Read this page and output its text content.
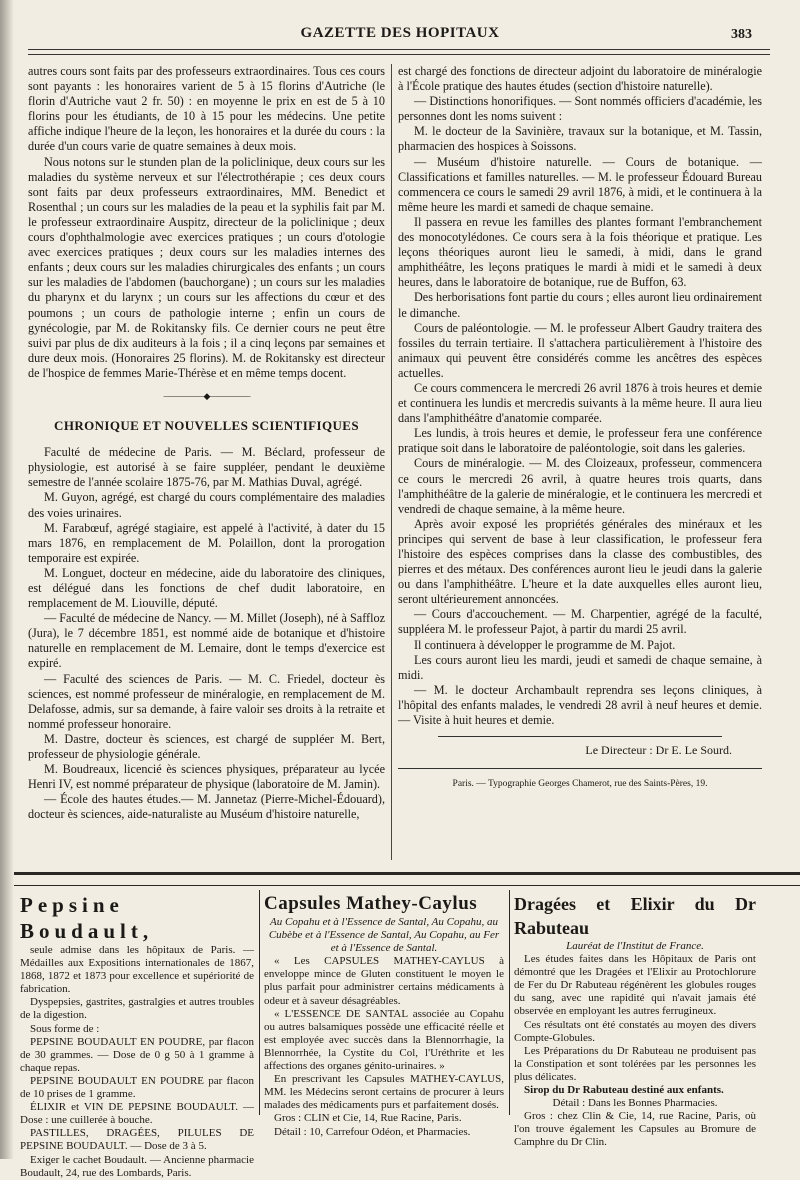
GAZETTE DES HOPITAUX	383

autres cours sont faits par des professeurs extraordinaires. Tous ces cours sont payants : les honoraires varient de 5 à 15 florins d'Autriche (le florin d'Autriche vaut 2 fr. 50) : en moyenne le prix en est de 5 à 10 florins pour les étudiants, de 10 à 15 pour les médecins. Une petite affiche indique l'heure de la leçon, les honoraires et la durée du cours : la durée d'un cours varie de quatre semaines à deux mois.

Nous notons sur le stunden plan de la policlinique, deux cours sur les maladies du système nerveux et sur l'électrothérapie ; ces deux cours sont faits par deux professeurs extraordinaires, MM. Benedict et Rosenthal ; un cours sur les maladies de la peau et la syphilis fait par M. le professeur extraordinaire Auspitz, directeur de la policlinique ; deux cours d'ophthalmologie avec exercices pratiques ; un cours d'otologie avec exercices pratiques ; deux cours sur les maladies internes des enfants ; deux cours sur les maladies chirurgicales des enfants ; un cours sur les maladies de l'abdomen (bauchorgane) ; un cours sur les maladies du pharynx et du larynx ; un cours sur les affections du cœur et des poumons ; un cours de pathologie interne ; enfin un cours de gynécologie, par M. de Rokitansky fils. Ce dernier cours ne peut être suivi par plus de dix auditeurs à la fois ; il a cinq leçons par semaines et dure deux mois. (Honoraires 25 florins). M. de Rokitansky est directeur de l'hospice de femmes Marie-Thérèse et en même temps docent.

—————◆—————
CHRONIQUE ET NOUVELLES SCIENTIFIQUES

Faculté de médecine de Paris. — M. Béclard, professeur de physiologie, est autorisé à se faire suppléer, pendant le deuxième semestre de l'année scolaire 1875-76, par M. Mathias Duval, agrégé.

M. Guyon, agrégé, est chargé du cours complémentaire des maladies des voies urinaires.

M. Farabœuf, agrégé stagiaire, est appelé à l'activité, à dater du 15 mars 1876, en remplacement de M. Polaillon, dont la prorogation temporaire est expirée.

M. Longuet, docteur en médecine, aide du laboratoire des cliniques, est délégué dans les fonctions de chef dudit laboratoire, en remplacement de M. Liouville, député.

— Faculté de médecine de Nancy. — M. Millet (Joseph), né à Saffloz (Jura), le 7 décembre 1851, est nommé aide de botanique et d'histoire naturelle en remplacement de M. Lemaire, dont le temps d'exercice est expiré.

— Faculté des sciences de Paris. — M. C. Friedel, docteur ès sciences, est nommé professeur de minéralogie, en remplacement de M. Delafosse, admis, sur sa demande, à faire valoir ses droits à la retraite et nommé professeur honoraire.

M. Dastre, docteur ès sciences, est chargé de suppléer M. Bert, professeur de physiologie générale.

M. Boudreaux, licencié ès sciences physiques, préparateur au lycée Henri IV, est nommé préparateur de physique (laboratoire de M. Jamin).

— École des hautes études.— M. Jannetaz (Pierre-Michel-Édouard), docteur ès sciences, aide-naturaliste au Muséum d'histoire naturelle,

est chargé des fonctions de directeur adjoint du laboratoire de minéralogie à l'École pratique des hautes études (section d'histoire naturelle).

— Distinctions honorifiques. — Sont nommés officiers d'académie, les personnes dont les noms suivent :

M. le docteur de la Savinière, travaux sur la botanique, et M. Tassin, pharmacien des hospices à Soissons.

— Muséum d'histoire naturelle. — Cours de botanique. — Classifications et familles naturelles. — M. le professeur Édouard Bureau commencera ce cours le samedi 29 avril 1876, à midi, et le continuera à la même heure les mardi et samedi de chaque semaine.

Il passera en revue les familles des plantes formant l'embranchement des monocotylédones. Ce cours sera à la fois théorique et pratique. Les leçons théoriques auront lieu le samedi, à midi, dans le grand amphithéâtre, les leçons pratiques le mardi à midi et le samedi à deux heures, dans le laboratoire de botanique, rue de Buffon, 63.

Des herborisations font partie du cours ; elles auront lieu ordinairement le dimanche.

Cours de paléontologie. — M. le professeur Albert Gaudry traitera des fossiles du terrain tertiaire. Il s'attachera particulièrement à l'histoire des animaux qui peuvent être considérés comme les ancêtres des espèces actuelles.

Ce cours commencera le mercredi 26 avril 1876 à trois heures et demie et continuera les lundis et mercredis suivants à la même heure. Il aura lieu dans l'amphithéâtre d'anatomie comparée.

Les lundis, à trois heures et demie, le professeur fera une conférence pratique soit dans le laboratoire de paléontologie, soit dans les galeries.

Cours de minéralogie. — M. des Cloizeaux, professeur, commencera ce cours le mercredi 26 avril, à quatre heures trois quarts, dans l'amphithéâtre de la galerie de minéralogie, et le continuera les mercredi et vendredi de chaque semaine, à la même heure.

Après avoir exposé les propriétés générales des minéraux et les principes qui servent de base à leur classification, le professeur fera l'histoire des espèces comprises dans la classe des combustibles, des pierres et des métaux. Des conférences auront lieu le jeudi dans la galerie ou dans l'amphithéâtre. L'heure et la date auxquelles elles auront lieu, seront ultérieurement annoncées.

— Cours d'accouchement. — M. Charpentier, agrégé de la faculté, suppléera M. le professeur Pajot, à partir du mardi 25 avril.

Il continuera à développer le programme de M. Pajot.

Les cours auront lieu les mardi, jeudi et samedi de chaque semaine, à midi.

— M. le docteur Archambault reprendra ses leçons cliniques, à l'hôpital des enfants malades, le vendredi 28 avril à neuf heures et demie. — Visite à huit heures et demie.

Le Directeur : Dr E. Le Sourd.
Paris. — Typographie Georges Chamerot, rue des Saints-Pères, 19.
Pepsine Boudault,

seule admise dans les hôpitaux de Paris. — Médailles aux Expositions internationales de 1867, 1868, 1872 et 1873 pour excellence et supériorité de fabrication.

Dyspepsies, gastrites, gastralgies et autres troubles de la digestion.

Sous forme de :

PEPSINE BOUDAULT EN POUDRE, par flacon de 30 grammes. — Dose de 0 g 50 à 1 gramme à chaque repas.

PEPSINE BOUDAULT EN POUDRE par flacon de 10 prises de 1 gramme.

ÉLIXIR et VIN DE PEPSINE BOUDAULT. — Dose : une cuillerée à bouche.

PASTILLES, DRAGÉES, PILULES DE PEPSINE BOUDAULT. — Dose de 3 à 5.

Exiger le cachet Boudault. — Ancienne pharmacie Boudault, 24, rue des Lombards, Paris.

Capsules Mathey-Caylus

Au Copahu et à l'Essence de Santal, Au Copahu, au Cubèbe et à l'Essence de Santal, Au Copahu, au Fer et à l'Essence de Santal.

« Les CAPSULES MATHEY-CAYLUS à enveloppe mince de Gluten constituent le moyen le plus parfait pour administrer certains médicaments à odeur et à saveur désagréables.

« L'ESSENCE DE SANTAL associée au Copahu ou autres balsamiques possède une efficacité réelle et est employée avec succès dans la Blennorrhagie, la Blennorrhée, la Cystite du Col, l'Uréthrite et les affections des organes génito-urinaires. »

En prescrivant les Capsules MATHEY-CAYLUS, MM. les Médecins seront certains de procurer à leurs malades des médicaments purs et parfaitement dosés.

Gros : CLIN et Cie, 14, Rue Racine, Paris.

Détail : 10, Carrefour Odéon, et Pharmacies.

Dragées et Elixir du Dr Rabuteau

Lauréat de l'Institut de France.

Les études faites dans les Hôpitaux de Paris ont démontré que les Dragées et l'Elixir au Protochlorure de Fer du Dr Rabuteau régénèrent les globules rouges du sang, avec une rapidité qui n'avait jamais été observée en employant les autres ferrugineux.

Ces résultats ont été constatés au moyen des divers Compte-Globules.

Les Préparations du Dr Rabuteau ne produisent pas la Constipation et sont tolérées par les personnes les plus délicates.

Sirop du Dr Rabuteau destiné aux enfants.

Détail : Dans les Bonnes Pharmacies.

Gros : chez Clin & Cie, 14, rue Racine, Paris, où l'on trouve également les Capsules au Bromure de Camphre du Dr Clin.
